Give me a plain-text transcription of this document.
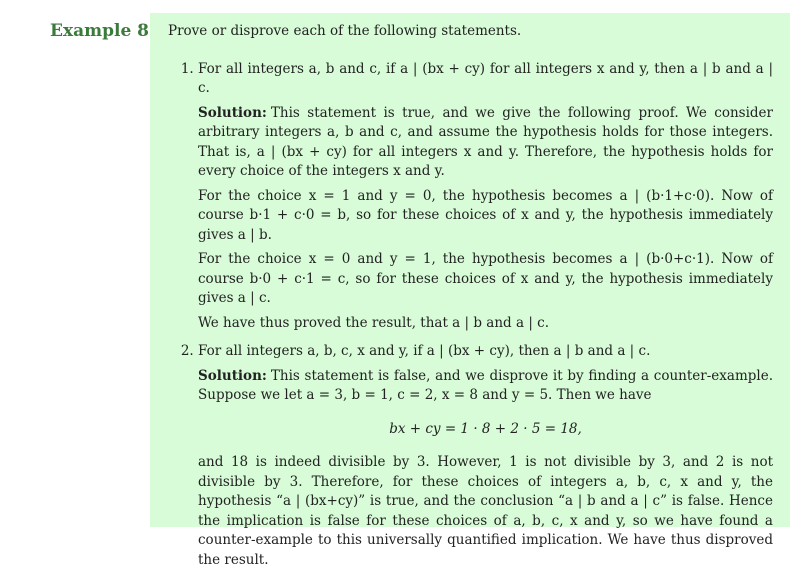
Example 8 Prove or disprove each of the following statements.

1. For all integers a, b and c, if a | (bx + cy) for all integers x and y, then a | b and a | c.

Solution: This statement is true, and we give the following proof. We consider arbitrary integers a, b and c, and assume the hypothesis holds for those integers. That is, a | (bx + cy) for all integers x and y. Therefore, the hypothesis holds for every choice of the integers x and y.

For the choice x = 1 and y = 0, the hypothesis becomes a | (b·1+c·0). Now of course b·1 + c·0 = b, so for these choices of x and y, the hypothesis immediately gives a | b.

For the choice x = 0 and y = 1, the hypothesis becomes a | (b·0+c·1). Now of course b·0 + c·1 = c, so for these choices of x and y, the hypothesis immediately gives a | c.

We have thus proved the result, that a | b and a | c.

2. For all integers a, b, c, x and y, if a | (bx + cy), then a | b and a | c.

Solution: This statement is false, and we disprove it by finding a counter-example. Suppose we let a = 3, b = 1, c = 2, x = 8 and y = 5. Then we have

bx + cy = 1 · 8 + 2 · 5 = 18,

and 18 is indeed divisible by 3. However, 1 is not divisible by 3, and 2 is not divisible by 3. Therefore, for these choices of integers a, b, c, x and y, the hypothesis “a | (bx+cy)” is true, and the conclusion “a | b and a | c” is false. Hence the implication is false for these choices of a, b, c, x and y, so we have found a counter-example to this universally quantified implication. We have thus disproved the result.
